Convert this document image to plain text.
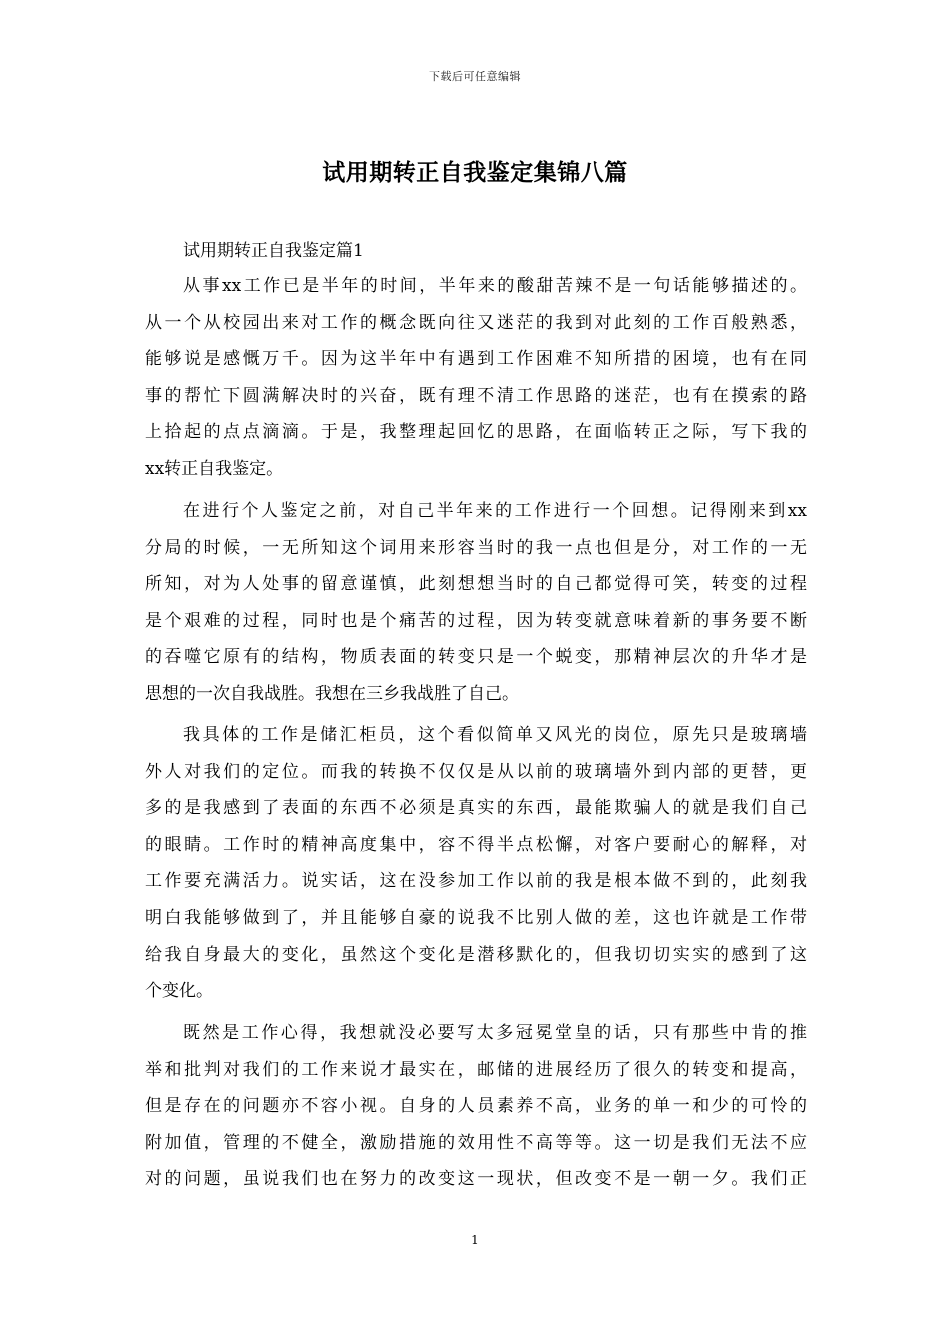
下载后可任意编辑
试用期转正自我鉴定集锦八篇
试用期转正自我鉴定篇1
从事xx工作已是半年的时间，半年来的酸甜苦辣不是一句话能够描述的。
从一个从校园出来对工作的概念既向往又迷茫的我到对此刻的工作百般熟悉，
能够说是感慨万千。因为这半年中有遇到工作困难不知所措的困境，也有在同
事的帮忙下圆满解决时的兴奋，既有理不清工作思路的迷茫，也有在摸索的路
上拾起的点点滴滴。于是，我整理起回忆的思路，在面临转正之际，写下我的
xx转正自我鉴定。
在进行个人鉴定之前，对自己半年来的工作进行一个回想。记得刚来到xx
分局的时候，一无所知这个词用来形容当时的我一点也但是分，对工作的一无
所知，对为人处事的留意谨慎，此刻想想当时的自己都觉得可笑，转变的过程
是个艰难的过程，同时也是个痛苦的过程，因为转变就意味着新的事务要不断
的吞噬它原有的结构，物质表面的转变只是一个蜕变，那精神层次的升华才是
思想的一次自我战胜。我想在三乡我战胜了自己。
我具体的工作是储汇柜员，这个看似简单又风光的岗位，原先只是玻璃墙
外人对我们的定位。而我的转换不仅仅是从以前的玻璃墙外到内部的更替，更
多的是我感到了表面的东西不必须是真实的东西，最能欺骗人的就是我们自己
的眼睛。工作时的精神高度集中，容不得半点松懈，对客户要耐心的解释，对
工作要充满活力。说实话，这在没参加工作以前的我是根本做不到的，此刻我
明白我能够做到了，并且能够自豪的说我不比别人做的差，这也许就是工作带
给我自身最大的变化，虽然这个变化是潜移默化的，但我切切实实的感到了这
个变化。
既然是工作心得，我想就没必要写太多冠冕堂皇的话，只有那些中肯的推
举和批判对我们的工作来说才最实在，邮储的进展经历了很久的转变和提高，
但是存在的问题亦不容小视。自身的人员素养不高，业务的单一和少的可怜的
附加值，管理的不健全，激励措施的效用性不高等等。这一切是我们无法不应
对的问题，虽说我们也在努力的改变这一现状，但改变不是一朝一夕。我们正
1
